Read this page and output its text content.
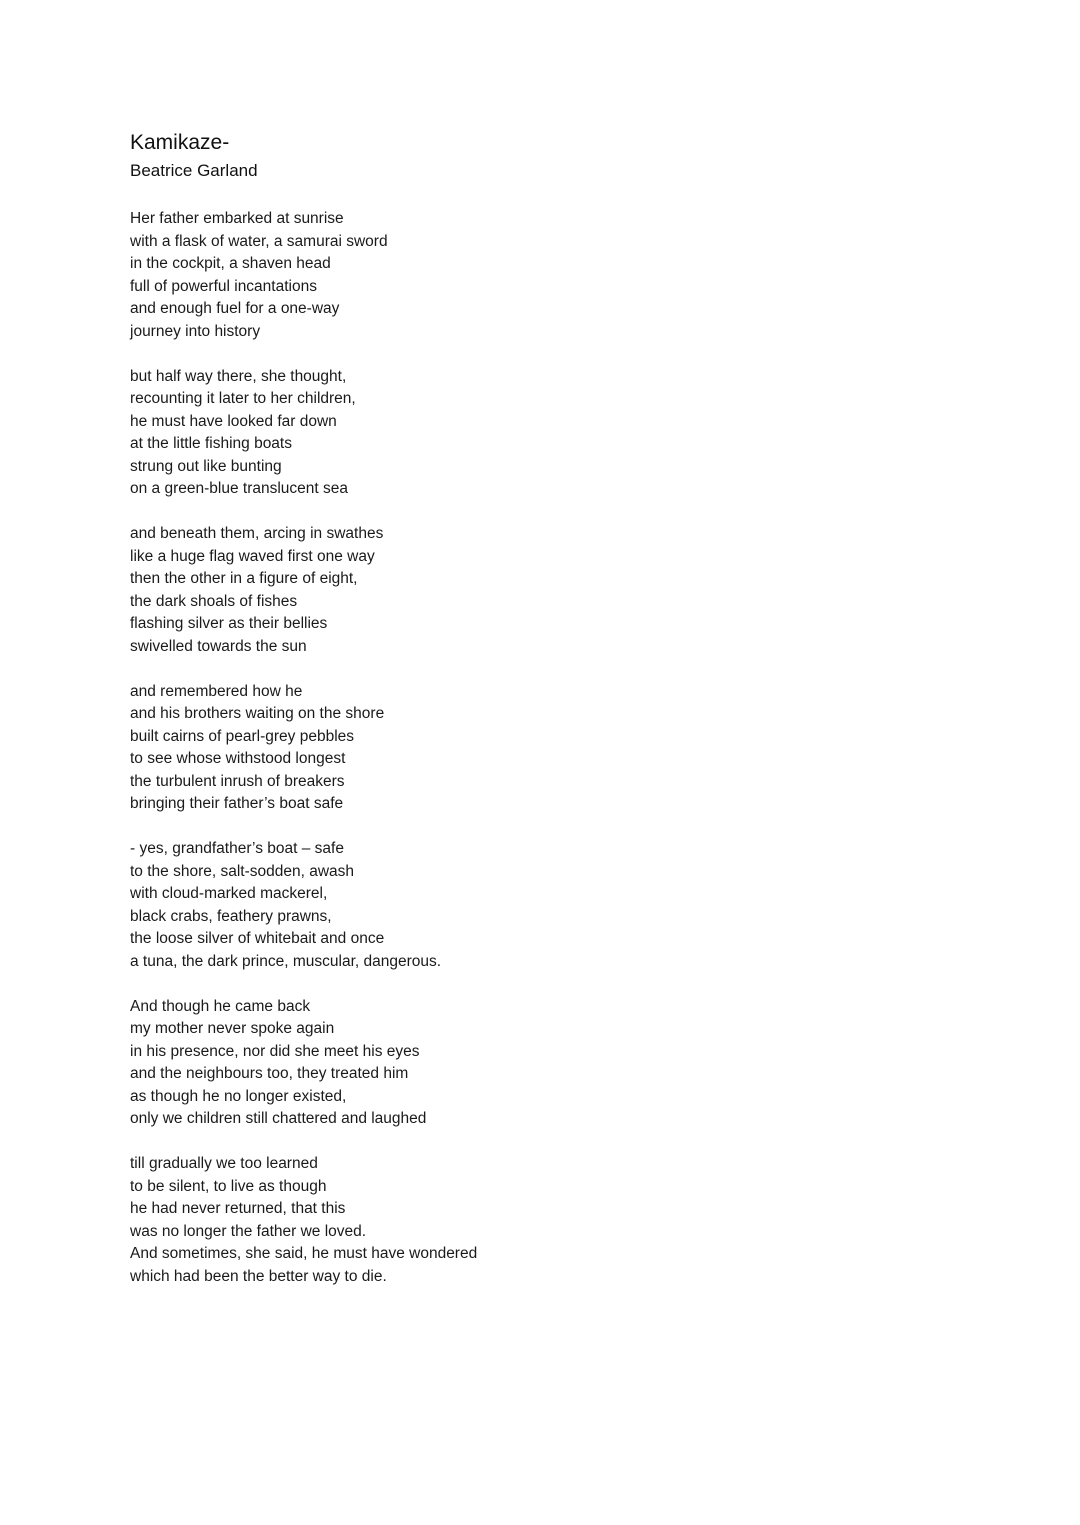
Kamikaze-
Beatrice Garland
Her father embarked at sunrise
with a flask of water, a samurai sword
in the cockpit, a shaven head
full of powerful incantations
and enough fuel for a one-way
journey into history
but half way there, she thought,
recounting it later to her children,
he must have looked far down
at the little fishing boats
strung out like bunting
on a green-blue translucent sea
and beneath them, arcing in swathes
like a huge flag waved first one way
then the other in a figure of eight,
the dark shoals of fishes
flashing silver as their bellies
swivelled towards the sun
and remembered how he
and his brothers waiting on the shore
built cairns of pearl-grey pebbles
to see whose withstood longest
the turbulent inrush of breakers
bringing their father’s boat safe
- yes, grandfather’s boat – safe
to the shore, salt-sodden, awash
with cloud-marked mackerel,
black crabs, feathery prawns,
the loose silver of whitebait and once
a tuna, the dark prince, muscular, dangerous.
And though he came back
my mother never spoke again
in his presence, nor did she meet his eyes
and the neighbours too, they treated him
as though he no longer existed,
only we children still chattered and laughed
till gradually we too learned
to be silent, to live as though
he had never returned, that this
was no longer the father we loved.
And sometimes, she said, he must have wondered
which had been the better way to die.
